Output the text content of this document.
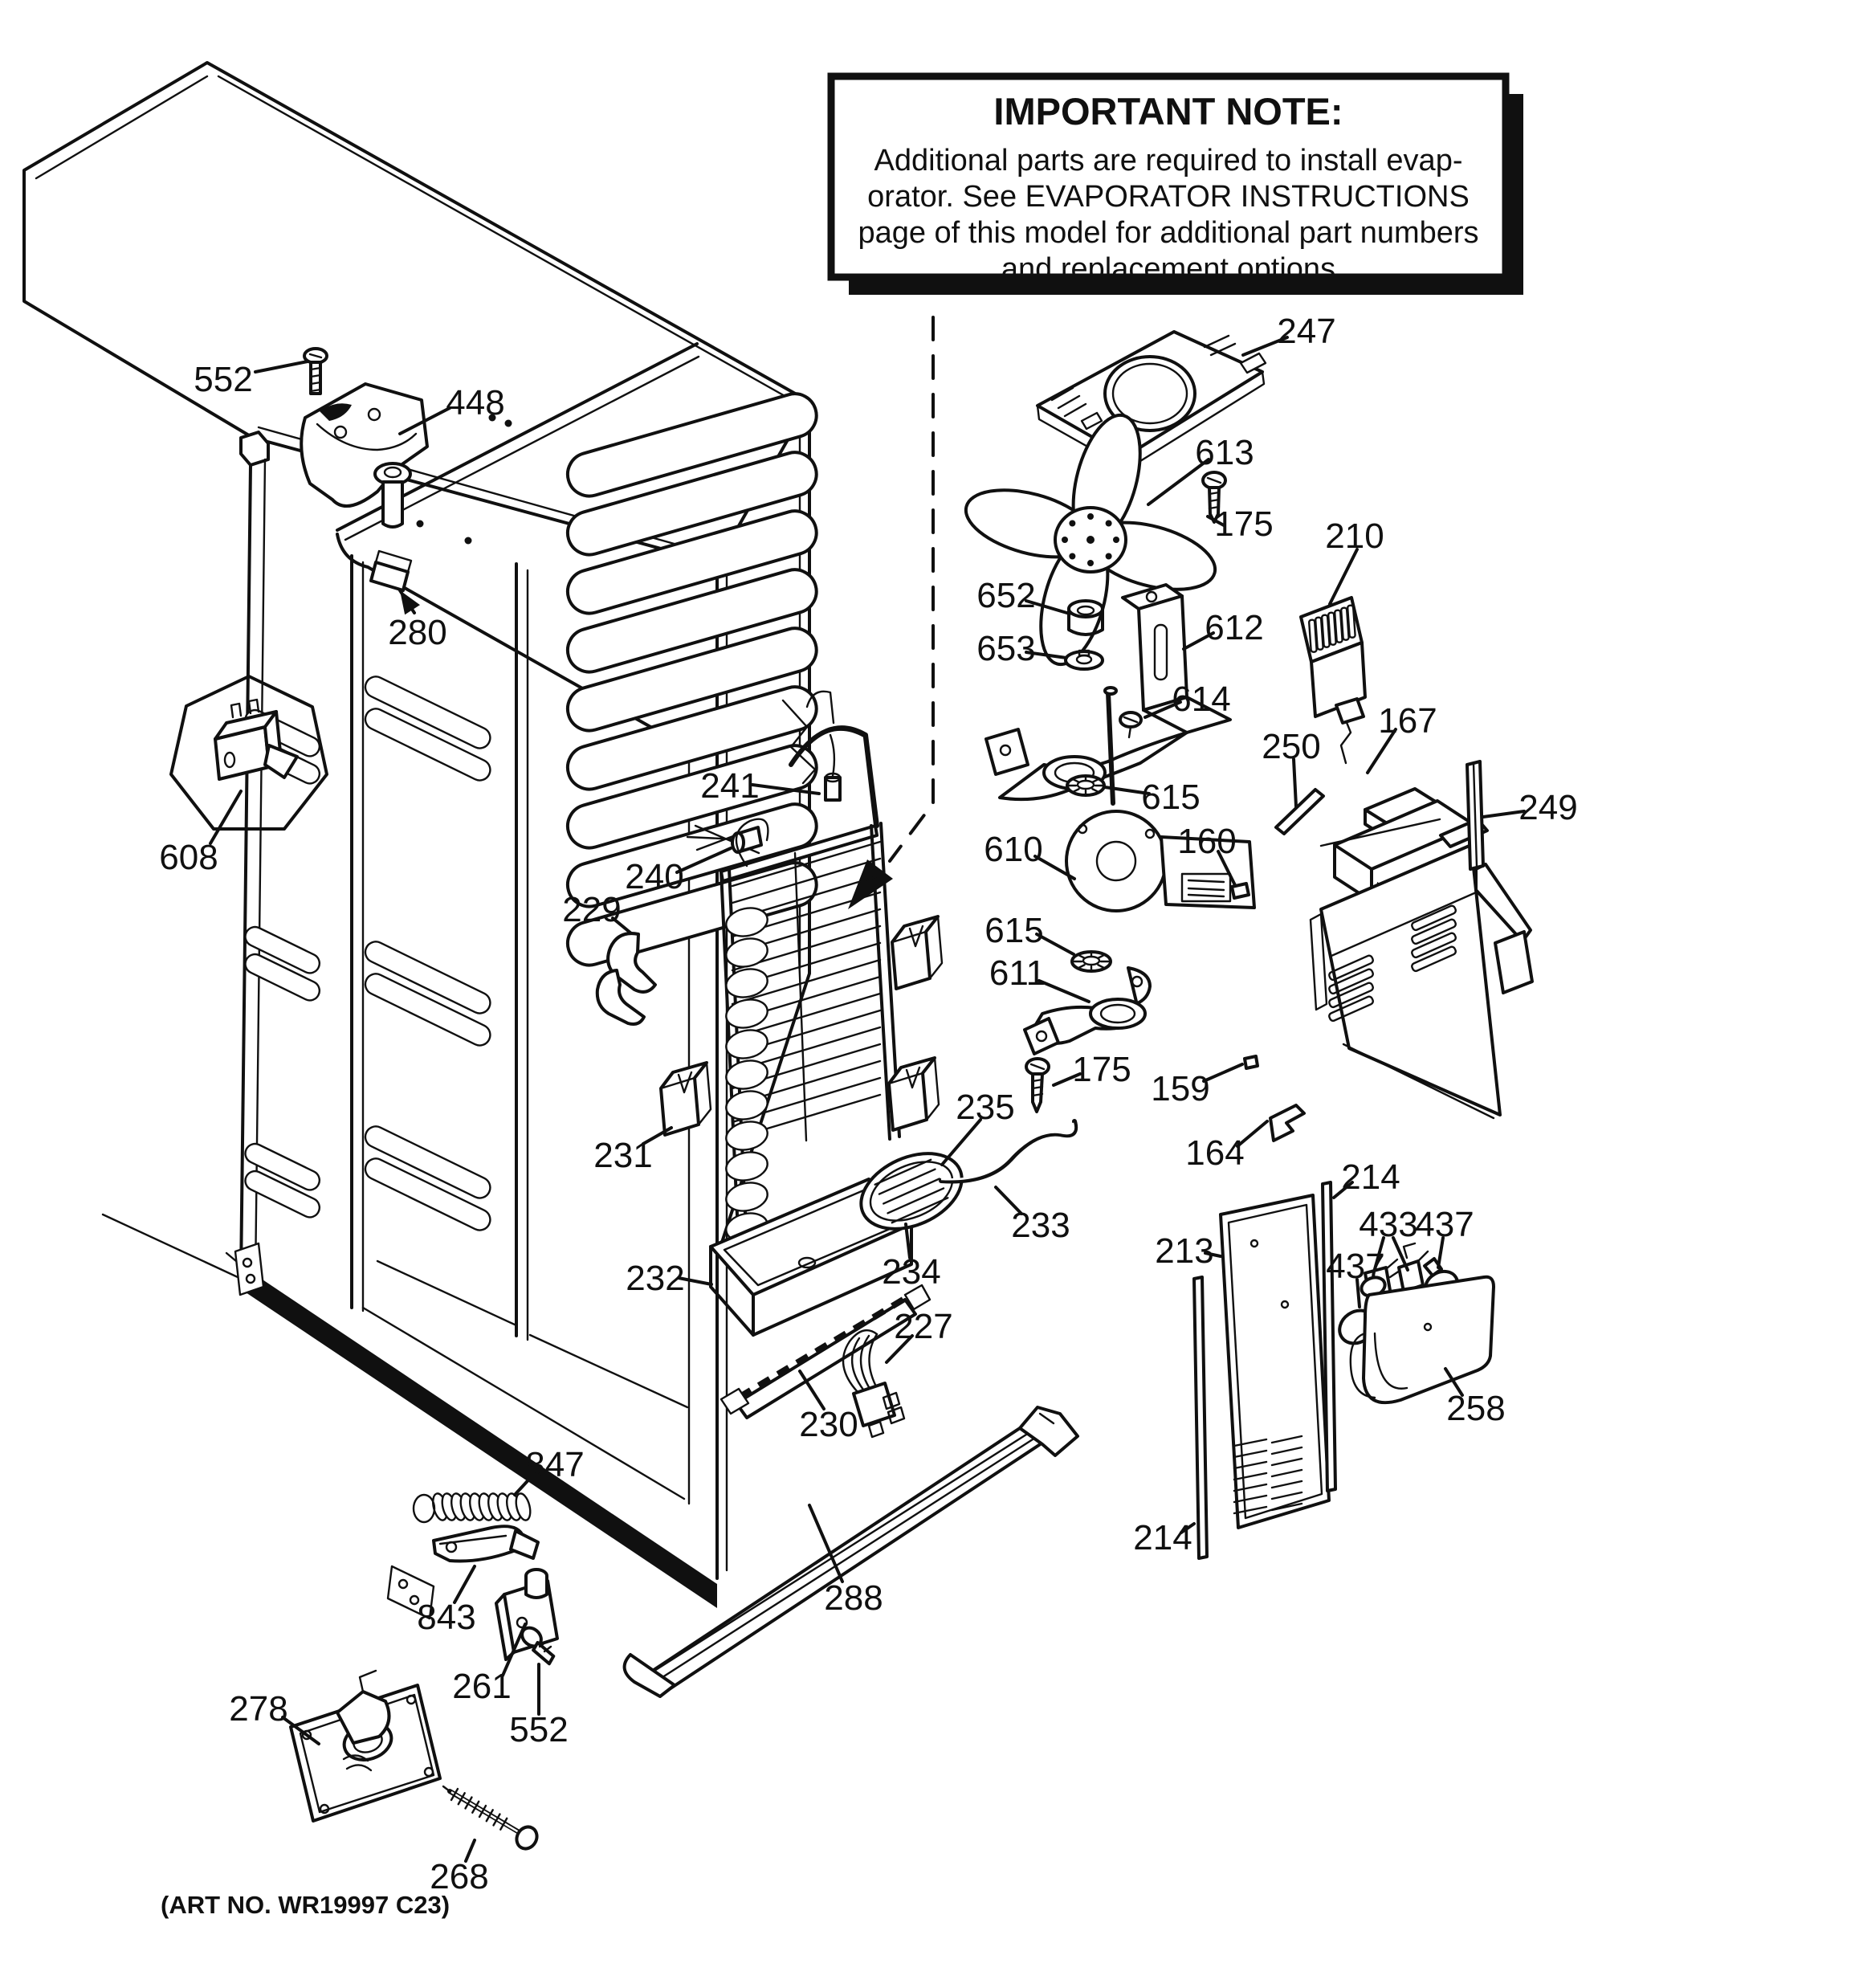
IMPORTANT NOTE:
Additional parts are required to install evap-
orator. See EVAPORATOR INSTRUCTIONS
page of this model for additional part numbers
and replacement options
552
448
280
608
229
231
241
240
232
230
227
235
234
233
175
652
653
612
614
615
610
615
611
247
613
175 210
250
167
249
160
159
164
214
213
433
437
437
258
214
288
847
843
261
552
278
268
(ART NO. WR19997 C23)
